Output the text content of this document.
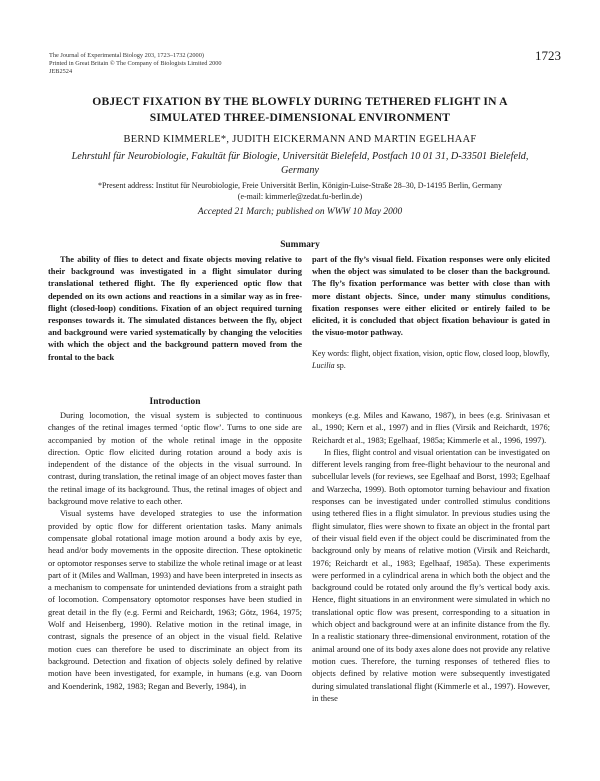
The Journal of Experimental Biology 203, 1723–1732 (2000)
Printed in Great Britain © The Company of Biologists Limited 2000
JEB2524
1723
OBJECT FIXATION BY THE BLOWFLY DURING TETHERED FLIGHT IN A
SIMULATED THREE-DIMENSIONAL ENVIRONMENT
BERND KIMMERLE*, JUDITH EICKERMANN AND MARTIN EGELHAAF
Lehrstuhl für Neurobiologie, Fakultät für Biologie, Universität Bielefeld, Postfach 10 01 31, D-33501 Bielefeld,
Germany
*Present address: Institut für Neurobiologie, Freie Universität Berlin, Königin-Luise-Straße 28–30, D-14195 Berlin, Germany
(e-mail: kimmerle@zedat.fu-berlin.de)
Accepted 21 March; published on WWW 10 May 2000
Summary

The ability of flies to detect and fixate objects moving relative to their background was investigated in a flight simulator during translational tethered flight. The fly experienced optic flow that depended on its own actions and reactions in a similar way as in free-flight (closed-loop) conditions. Fixation of an object required turning responses towards it. The simulated distances between the fly, object and background were varied systematically by changing the velocities with which the object and the background pattern moved from the frontal to the back

part of the fly’s visual field. Fixation responses were only elicited when the object was simulated to be closer than the background. The fly’s fixation performance was better with close than with more distant objects. Since, under many stimulus conditions, fixation responses were either elicited or entirely failed to be elicited, it is concluded that object fixation behaviour is gated in the visuo-motor pathway.

Key words: flight, object fixation, vision, optic flow, closed loop, blowfly, Lucilia sp.
Introduction

During locomotion, the visual system is subjected to continuous changes of the retinal images termed ‘optic flow’. Turns to one side are accompanied by motion of the whole retinal image in the opposite direction. Optic flow elicited during rotation around a body axis is independent of the distance of the objects in the visual surround. In contrast, during translation, the retinal image of an object moves faster than the retinal image of its background. Thus, the retinal images of object and background move relative to each other.

Visual systems have developed strategies to use the information provided by optic flow for different orientation tasks. Many animals compensate global rotational image motion around a body axis by eye, head and/or body movements in the opposite direction. These optokinetic or optomotor responses serve to stabilize the whole retinal image or at least part of it (Miles and Wallman, 1993) and have been interpreted in insects as a mechanism to compensate for unintended deviations from a straight path of locomotion. Compensatory optomotor responses have been studied in great detail in the fly (e.g. Fermi and Reichardt, 1963; Götz, 1964, 1975; Wolf and Heisenberg, 1990). Relative motion in the retinal image, in contrast, signals the presence of an object in the visual field. Relative motion cues can therefore be used to discriminate an object from its background. Detection and fixation of objects solely defined by relative motion have been investigated, for example, in humans (e.g. van Doorn and Koenderink, 1982, 1983; Regan and Beverly, 1984), in

monkeys (e.g. Miles and Kawano, 1987), in bees (e.g. Srinivasan et al., 1990; Kern et al., 1997) and in flies (Virsik and Reichardt, 1976; Reichardt et al., 1983; Egelhaaf, 1985a; Kimmerle et al., 1996, 1997).

In flies, flight control and visual orientation can be investigated on different levels ranging from free-flight behaviour to the neuronal and subcellular levels (for reviews, see Egelhaaf and Borst, 1993; Egelhaaf and Warzecha, 1999). Both optomotor turning behaviour and fixation responses can be investigated under controlled stimulus conditions using tethered flies in a flight simulator. In previous studies using the flight simulator, flies were shown to fixate an object in the frontal part of their visual field even if the object could be discriminated from the background only by means of relative motion (Virsik and Reichardt, 1976; Reichardt et al., 1983; Egelhaaf, 1985a). These experiments were performed in a cylindrical arena in which both the object and the background could be rotated only around the fly’s vertical body axis. Hence, flight situations in an environment were simulated in which no translational optic flow was present, corresponding to a situation in which object and background were at an infinite distance from the fly. In a realistic stationary three-dimensional environment, rotation of the animal around one of its body axes alone does not provide any relative motion cues. Therefore, the turning responses of tethered flies to objects defined by relative motion were subsequently investigated during simulated translational flight (Kimmerle et al., 1997). However, in these
